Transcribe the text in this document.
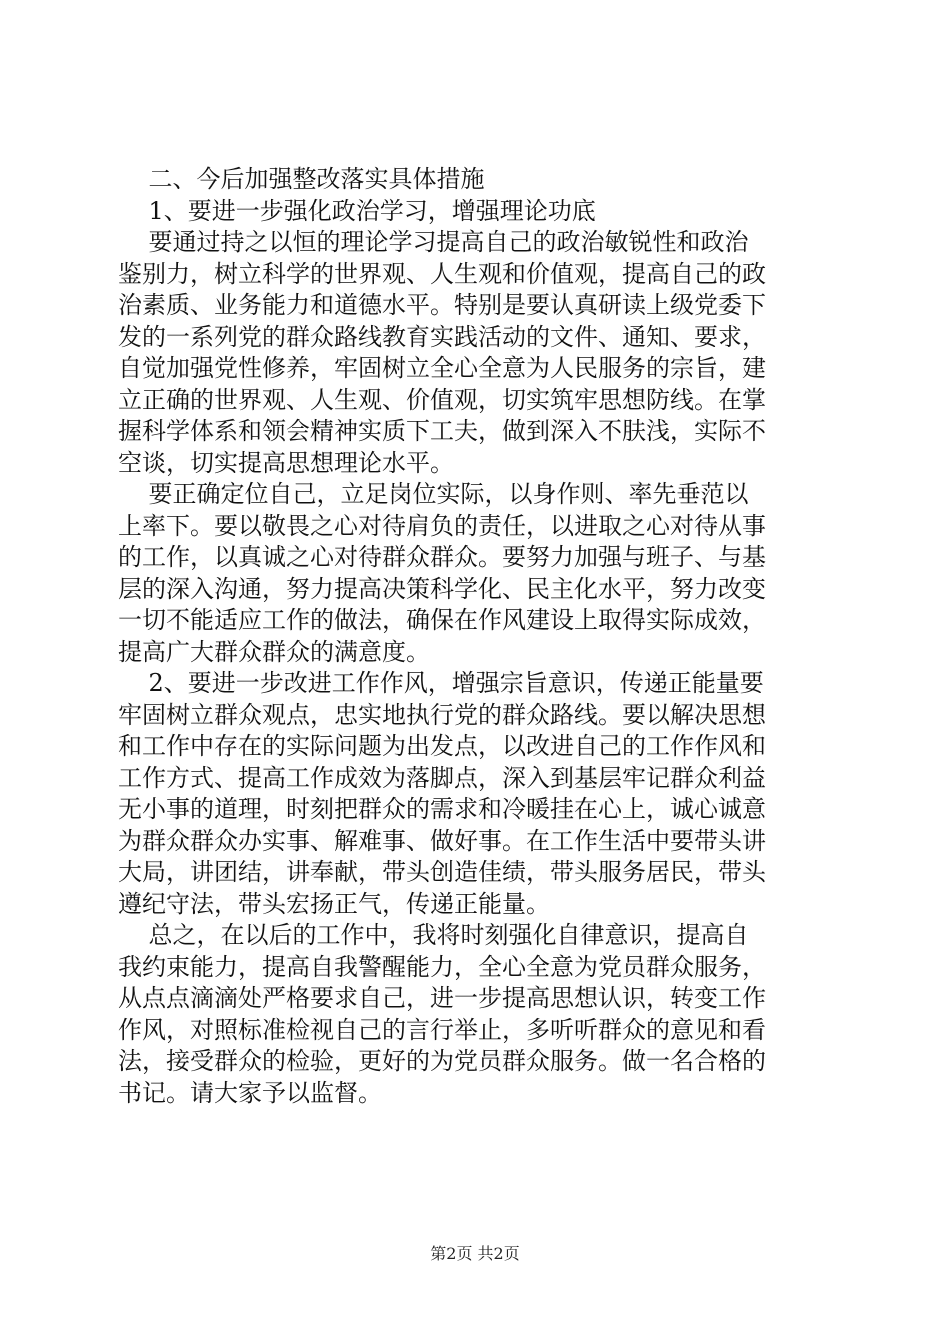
二、今后加强整改落实具体措施
1、要进一步强化政治学习，增强理论功底
要通过持之以恒的理论学习提高自己的政治敏锐性和政治
鉴别力，树立科学的世界观、人生观和价值观，提高自己的政
治素质、业务能力和道德水平。特别是要认真研读上级党委下
发的一系列党的群众路线教育实践活动的文件、通知、要求，
自觉加强党性修养，牢固树立全心全意为人民服务的宗旨，建
立正确的世界观、人生观、价值观，切实筑牢思想防线。在掌
握科学体系和领会精神实质下工夫，做到深入不肤浅，实际不
空谈，切实提高思想理论水平。
要正确定位自己，立足岗位实际，以身作则、率先垂范以
上率下。要以敬畏之心对待肩负的责任，以进取之心对待从事
的工作，以真诚之心对待群众群众。要努力加强与班子、与基
层的深入沟通，努力提高决策科学化、民主化水平，努力改变
一切不能适应工作的做法，确保在作风建设上取得实际成效，
提高广大群众群众的满意度。
2、要进一步改进工作作风，增强宗旨意识，传递正能量要
牢固树立群众观点，忠实地执行党的群众路线。要以解决思想
和工作中存在的实际问题为出发点，以改进自己的工作作风和
工作方式、提高工作成效为落脚点，深入到基层牢记群众利益
无小事的道理，时刻把群众的需求和冷暖挂在心上，诚心诚意
为群众群众办实事、解难事、做好事。在工作生活中要带头讲
大局，讲团结，讲奉献，带头创造佳绩，带头服务居民，带头
遵纪守法，带头宏扬正气，传递正能量。
总之，在以后的工作中，我将时刻强化自律意识，提高自
我约束能力，提高自我警醒能力，全心全意为党员群众服务，
从点点滴滴处严格要求自己，进一步提高思想认识，转变工作
作风，对照标准检视自己的言行举止，多听听群众的意见和看
法，接受群众的检验，更好的为党员群众服务。做一名合格的
书记。请大家予以监督。
第2页 共2页
